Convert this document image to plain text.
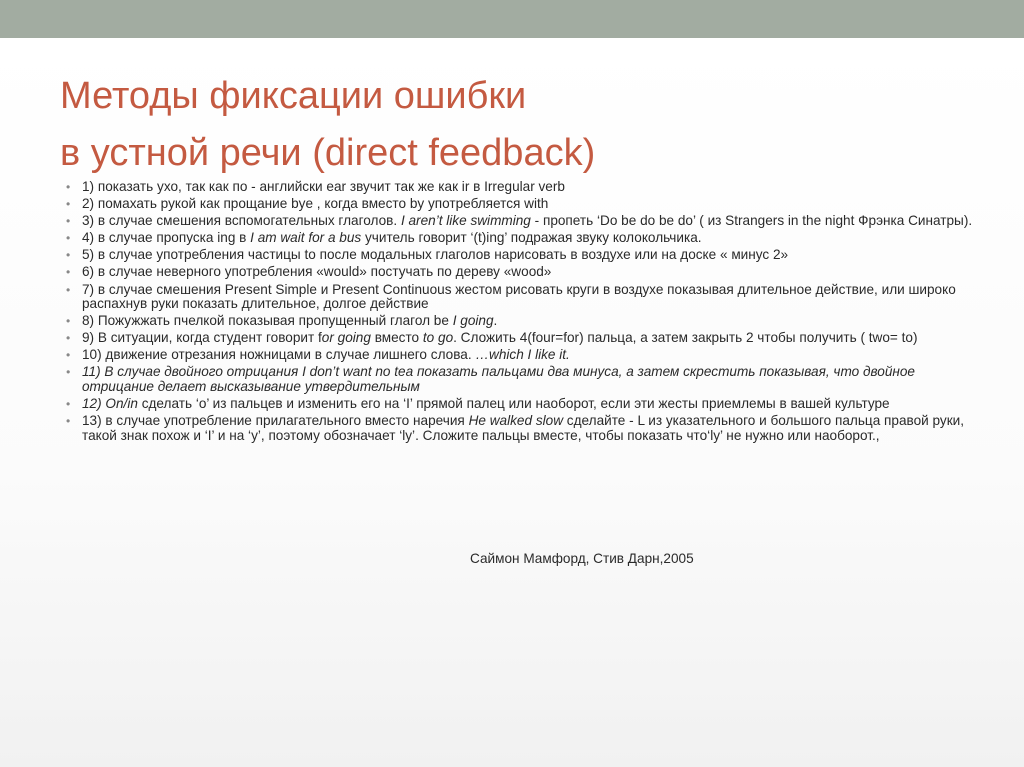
Методы фиксации ошибки
в устной речи (direct feedback)
• 1) показать ухо, так как по - английски ear звучит так же как ir в Irregular verb
• 2) помахать рукой как прощание bye , когда вместо by употребляется with
• 3) в случае смешения вспомогательных глаголов. I aren’t like swimming - пропеть ‘Do be do be do’ ( из Strangers in the night Фрэнка Синатры).
• 4) в случае пропуска ing в I am wait for a bus учитель говорит ‘(t)ing’ подражая звуку колокольчика.
• 5) в случае употребления частицы to после модальных глаголов нарисовать в воздухе или на доске « минус 2»
• 6) в случае неверного употребления «would» постучать по дереву «wood»
• 7) в случае смешения Present Simple и Present Continuous жестом рисовать круги в воздухе показывая длительное действие, или широко распахнув руки показать длительное, долгое действие
• 8) Пожужжать пчелкой показывая пропущенный глагол be I going.
• 9) В ситуации, когда студент говорит for going вместо to go. Сложить 4(four=for) пальца, а затем закрыть 2 чтобы получить ( two= to)
• 10) движение отрезания ножницами в случае лишнего слова. …which I like it.
• 11) В случае двойного отрицания I don’t want no tea показать пальцами два минуса, а затем скрестить показывая, что двойное отрицание делает высказывание утвердительным
• 12) On/in сделать ‘о’ из пальцев и изменить его на ‘I’ прямой палец или наоборот, если эти жесты приемлемы в вашей культуре
• 13) в случае употребление прилагательного вместо наречия He walked slow сделайте - L из указательного и большого пальца правой руки, такой знак похож и ‘I’ и на ‘y’, поэтому обозначает ‘ly’. Сложите пальцы вместе, чтобы показать что‘ly’ не нужно или наоборот.,
Саймон Мамфорд, Стив Дарн,2005
